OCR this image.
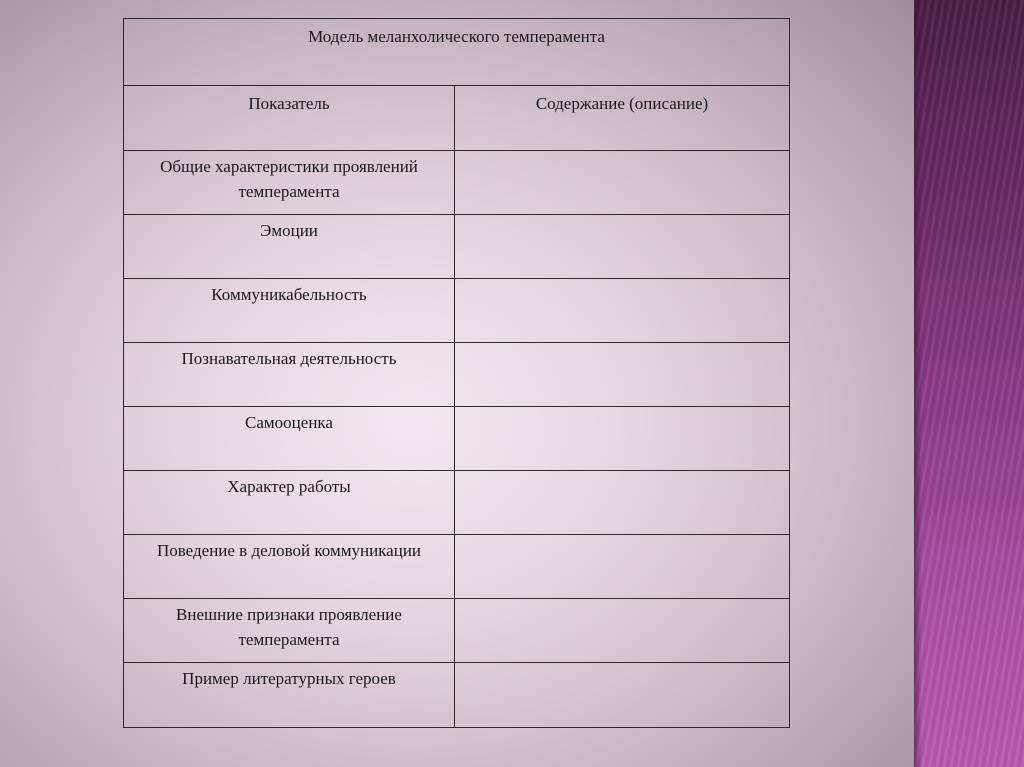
Модель меланхолического темперамента	
Показатель	Содержание (описание)
Общие характеристики проявлений темперамента	
Эмоции	
Коммуникабельность	
Познавательная деятельность	
Самооценка	
Характер работы	
Поведение в деловой коммуникации	
Внешние признаки проявление темперамента	
Пример литературных героев	
